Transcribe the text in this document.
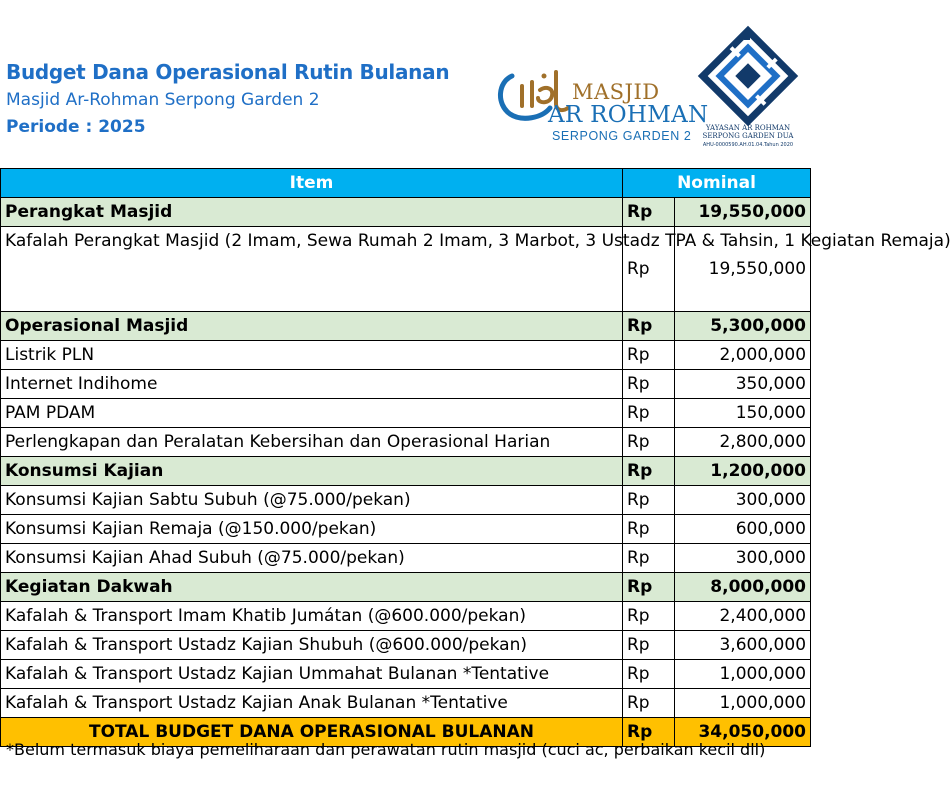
Budget Dana Operasional Rutin Bulanan
Masjid Ar-Rohman Serpong Garden 2
Periode : 2025
MASJID
AR ROHMAN
SERPONG GARDEN 2
YAYASAN AR ROHMAN
SERPONG GARDEN DUA
AHU-0000590.AH.01.04.Tahun 2020
Item	Nominal	
Perangkat Masjid	Rp	19,550,000
Kafalah Perangkat Masjid (2 Imam, Sewa Rumah 2 Imam, 3 Marbot, 3 Ustadz TPA & Tahsin, 1 Kegiatan Remaja)	Rp	19,550,000
Operasional Masjid	Rp	5,300,000
Listrik PLN	Rp	2,000,000
Internet Indihome	Rp	350,000
PAM PDAM	Rp	150,000
Perlengkapan dan Peralatan Kebersihan dan Operasional Harian	Rp	2,800,000
Konsumsi Kajian	Rp	1,200,000
Konsumsi Kajian Sabtu Subuh (@75.000/pekan)	Rp	300,000
Konsumsi Kajian Remaja (@150.000/pekan)	Rp	600,000
Konsumsi Kajian Ahad Subuh (@75.000/pekan)	Rp	300,000
Kegiatan Dakwah	Rp	8,000,000
Kafalah & Transport Imam Khatib Jumátan (@600.000/pekan)	Rp	2,400,000
Kafalah & Transport Ustadz Kajian Shubuh (@600.000/pekan)	Rp	3,600,000
Kafalah & Transport Ustadz Kajian Ummahat Bulanan *Tentative	Rp	1,000,000
Kafalah & Transport Ustadz Kajian Anak Bulanan *Tentative	Rp	1,000,000
TOTAL BUDGET DANA OPERASIONAL BULANAN	Rp	34,050,000
*Belum termasuk biaya pemeliharaan dan perawatan rutin masjid (cuci ac, perbaikan kecil dll)
